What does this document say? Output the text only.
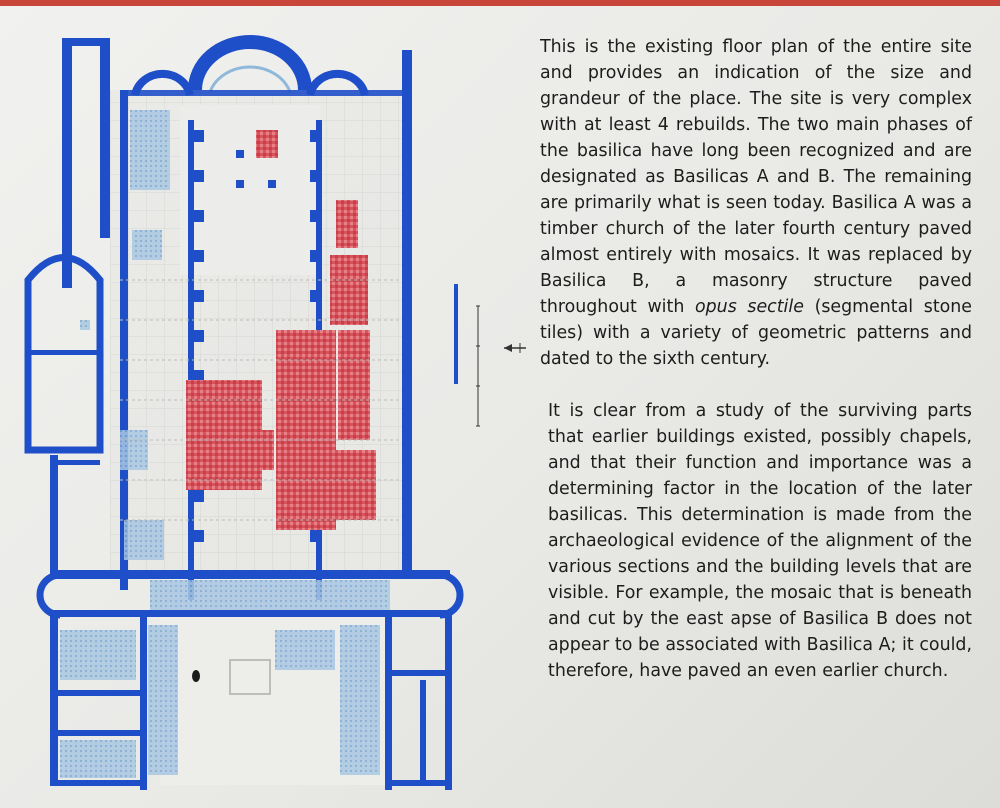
This is the existing floor plan of the entire site and provides an indication of the size and grandeur of the place. The site is very complex with at least 4 rebuilds. The two main phases of the basilica have long been recognized and are designated as Basilicas A and B. The remaining are primarily what is seen today. Basilica A was a timber church of the later fourth century paved almost entirely with mosaics. It was replaced by Basilica B, a masonry structure paved throughout with opus sectile (segmental stone tiles) with a variety of geometric patterns and dated to the sixth century.

It is clear from a study of the surviving parts that earlier buildings existed, possibly chapels, and that their function and importance was a determining factor in the location of the later basilicas. This determination is made from the archaeological evidence of the alignment of the various sections and the building levels that are visible. For example, the mosaic that is beneath and cut by the east apse of Basilica B does not appear to be associated with Basilica A; it could, therefore, have paved an even earlier church.
